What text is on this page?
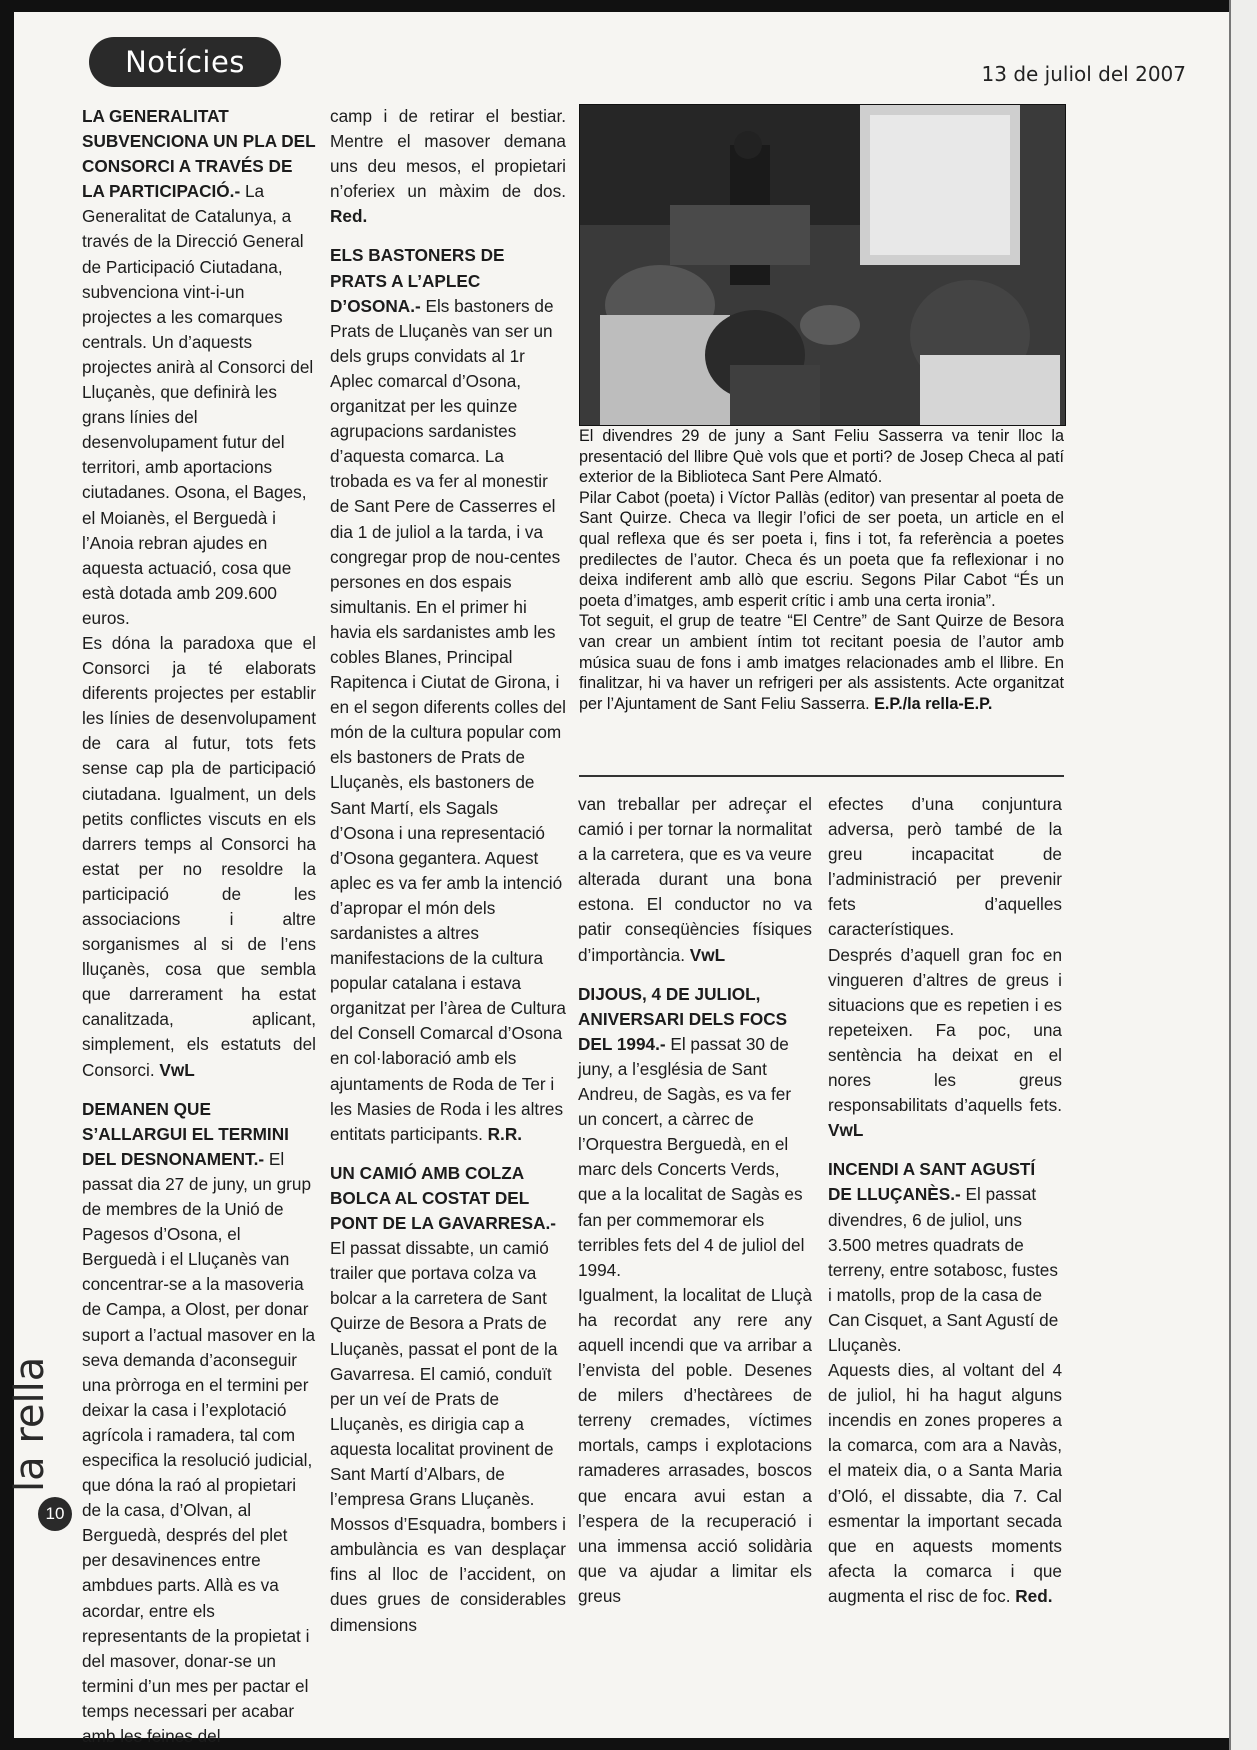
Notícies	13 de juliol del 2007

LA GENERALITAT SUBVENCIONA UN PLA DEL CONSORCI A TRAVÉS DE LA PARTICIPACIÓ.- La Generalitat de Catalunya, a través de la Direcció General de Participació Ciutadana, subvenciona vint-i-un projectes a les comarques centrals. Un d’aquests projectes anirà al Consorci del Lluçanès, que definirà les grans línies del desenvolupament futur del territori, amb aportacions ciutadanes. Osona, el Bages, el Moianès, el Berguedà i l’Anoia rebran ajudes en aquesta actuació, cosa que està dotada amb 209.600 euros.

Es dóna la paradoxa que el Consorci ja té elaborats diferents projectes per establir les línies de desenvolupament de cara al futur, tots fets sense cap pla de participació ciutadana. Igualment, un dels petits conflictes viscuts en els darrers temps al Consorci ha estat per no resoldre la participació de les associacions i altre sorganismes al si de l’ens lluçanès, cosa que sembla que darrerament ha estat canalitzada, aplicant, simplement, els estatuts del Consorci. VwL

DEMANEN QUE S’ALLARGUI EL TERMINI DEL DESNONAMENT.- El passat dia 27 de juny, un grup de membres de la Unió de Pagesos d’Osona, el Berguedà i el Lluçanès van concentrar-se a la masoveria de Campa, a Olost, per donar suport a l’actual masover en la seva demanda d’aconseguir una pròrroga en el termini per deixar la casa i l’explotació agrícola i ramadera, tal com especifica la resolució judicial, que dóna la raó al propietari de la casa, d’Olvan, al Berguedà, després del plet per desavinences entre ambdues parts. Allà es va acordar, entre els representants de la propietat i del masover, donar-se un termini d’un mes per pactar el temps necessari per acabar amb les feines del

camp i de retirar el bestiar. Mentre el masover demana uns deu mesos, el propietari n’oferiex un màxim de dos. Red.

ELS BASTONERS DE PRATS A L’APLEC D’OSONA.- Els bastoners de Prats de Lluçanès van ser un dels grups convidats al 1r Aplec comarcal d’Osona, organitzat per les quinze agrupacions sardanistes d’aquesta comarca. La trobada es va fer al monestir de Sant Pere de Casserres el dia 1 de juliol a la tarda, i va congregar prop de nou-centes persones en dos espais simultanis. En el primer hi havia els sardanistes amb les cobles Blanes, Principal Rapitenca i Ciutat de Girona, i en el segon diferents colles del món de la cultura popular com els bastoners de Prats de Lluçanès, els bastoners de Sant Martí, els Sagals d’Osona i una representació d’Osona gegantera. Aquest aplec es va fer amb la intenció d’apropar el món dels sardanistes a altres manifestacions de la cultura popular catalana i estava organitzat per l’àrea de Cultura del Consell Comarcal d’Osona en col·laboració amb els ajuntaments de Roda de Ter i les Masies de Roda i les altres entitats participants. R.R.

UN CAMIÓ AMB COLZA BOLCA AL COSTAT DEL PONT DE LA GAVARRESA.- El passat dissabte, un camió trailer que portava colza va bolcar a la carretera de Sant Quirze de Besora a Prats de Lluçanès, passat el pont de la Gavarresa. El camió, conduït per un veí de Prats de Lluçanès, es dirigia cap a aquesta localitat provinent de Sant Martí d’Albars, de l’empresa Grans Lluçanès.

Mossos d’Esquadra, bombers i ambulància es van desplaçar fins al lloc de l’accident, on dues grues de considerables dimensions

El divendres 29 de juny a Sant Feliu Sasserra va tenir lloc la presentació del llibre Què vols que et porti? de Josep Checa al patí exterior de la Biblioteca Sant Pere Almató.

Pilar Cabot (poeta) i Víctor Pallàs (editor) van presentar al poeta de Sant Quirze. Checa va llegir l’ofici de ser poeta, un article en el qual reflexa que és ser poeta i, fins i tot, fa referència a poetes predilectes de l’autor. Checa és un poeta que fa reflexionar i no deixa indiferent amb allò que escriu. Segons Pilar Cabot “És un poeta d’imatges, amb esperit crític i amb una certa ironia”.

Tot seguit, el grup de teatre “El Centre” de Sant Quirze de Besora van crear un ambient íntim tot recitant poesia de l’autor amb música suau de fons i amb imatges relacionades amb el llibre. En finalitzar, hi va haver un refrigeri per als assistents. Acte organitzat per l’Ajuntament de Sant Feliu Sasserra. E.P./la rella-E.P.

van treballar per adreçar el camió i per tornar la normalitat a la carretera, que es va veure alterada durant una bona estona. El conductor no va patir conseqüències físiques d’importància. VwL

DIJOUS, 4 DE JULIOL, ANIVERSARI DELS FOCS DEL 1994.- El passat 30 de juny, a l’església de Sant Andreu, de Sagàs, es va fer un concert, a càrrec de l’Orquestra Berguedà, en el marc dels Concerts Verds, que a la localitat de Sagàs es fan per commemorar els terribles fets del 4 de juliol del 1994.

Igualment, la localitat de Lluçà ha recordat any rere any aquell incendi que va arribar a l’envista del poble. Desenes de milers d’hectàrees de terreny cremades, víctimes mortals, camps i explotacions ramaderes arrasades, boscos que encara avui estan a l’espera de la recuperació i una immensa acció solidària que va ajudar a limitar els greus

efectes d’una conjuntura adversa, però també de la greu incapacitat de l’administració per prevenir fets d’aquelles característiques.

Després d’aquell gran foc en vingueren d’altres de greus i situacions que es repetien i es repeteixen. Fa poc, una sentència ha deixat en el nores les greus responsabilitats d’aquells fets. VwL

INCENDI A SANT AGUSTÍ DE LLUÇANÈS.- El passat divendres, 6 de juliol, uns 3.500 metres quadrats de terreny, entre sotabosc, fustes i matolls, prop de la casa de Can Cisquet, a Sant Agustí de Lluçanès.

Aquests dies, al voltant del 4 de juliol, hi ha hagut alguns incendis en zones properes a la comarca, com ara a Navàs, el mateix dia, o a Santa Maria d’Oló, el dissabte, dia 7. Cal esmentar la important secada que en aquests moments afecta la comarca i que augmenta el risc de foc. Red.

la rella
10
